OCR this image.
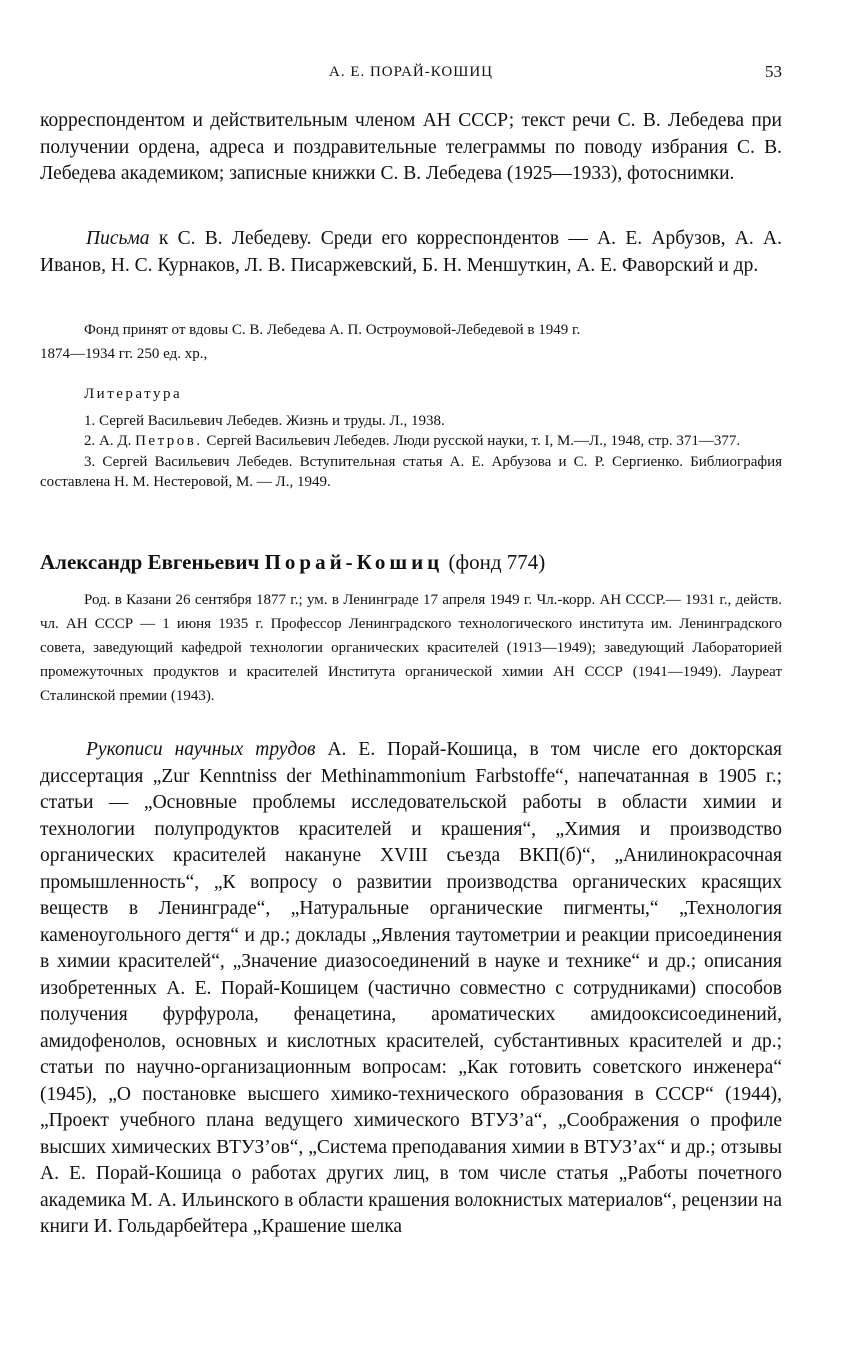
А. Е. ПОРАЙ-КОШИЦ	53

корреспондентом и действительным членом АН СССР; текст речи С. В. Лебедева при получении ордена, адреса и поздравительные телеграммы по поводу избрания С. В. Лебедева академиком; записные книжки С. В. Лебедева (1925—1933), фотоснимки.

Письма к С. В. Лебедеву. Среди его корреспондентов — А. Е. Арбузов, А. А. Иванов, Н. С. Курнаков, Л. В. Писаржевский, Б. Н. Меншуткин, А. Е. Фаворский и др.

Фонд принят от вдовы С. В. Лебедева А. П. Остроумовой-Лебедевой в 1949 г.

1874—1934 гг. 250 ед. хр.,

Литература

1. Сергей Васильевич Лебедев. Жизнь и труды. Л., 1938.

2. А. Д. Петров. Сергей Васильевич Лебедев. Люди русской науки, т. I, М.—Л., 1948, стр. 371—377.

3. Сергей Васильевич Лебедев. Вступительная статья А. Е. Арбузова и С. Р. Сергиенко. Библиография составлена Н. М. Нестеровой, М. — Л., 1949.

Александр Евгеньевич Порай-Кошиц (фонд 774)

Род. в Казани 26 сентября 1877 г.; ум. в Ленинграде 17 апреля 1949 г. Чл.-корр. АН СССР.— 1931 г., действ. чл. АН СССР — 1 июня 1935 г. Профессор Ленинградского технологического института им. Ленинградского совета, заведующий кафедрой технологии органических красителей (1913—1949); заведующий Лабораторией промежуточных продуктов и красителей Института органической химии АН СССР (1941—1949). Лауреат Сталинской премии (1943).

Рукописи научных трудов А. Е. Порай-Кошица, в том числе его докторская диссертация „Zur Kenntniss der Methinammonium Farbstoffe“, напечатанная в 1905 г.; статьи — „Основные проблемы исследовательской работы в области химии и технологии полупродуктов красителей и крашения“, „Химия и производство органических красителей накануне XVIII съезда ВКП(б)“, „Анилинокрасочная промышленность“, „К вопросу о развитии производства органических красящих веществ в Ленинграде“, „Натуральные органические пигменты,“ „Технология каменоугольного дегтя“ и др.; доклады „Явления таутометрии и реакции присоединения в химии красителей“, „Значение диазосоединений в науке и технике“ и др.; описания изобретенных А. Е. Порай-Кошицем (частично совместно с сотрудниками) способов получения фурфурола, фенацетина, ароматических амидооксисоединений, амидофенолов, основных и кислотных красителей, субстантивных красителей и др.; статьи по научно-организационным вопросам: „Как готовить советского инженера“ (1945), „О постановке высшего химико-технического образования в СССР“ (1944), „Проект учебного плана ведущего химического ВТУЗ’а“, „Соображения о профиле высших химических ВТУЗ’ов“, „Система преподавания химии в ВТУЗ’ах“ и др.; отзывы А. Е. Порай-Кошица о работах других лиц, в том числе статья „Работы почетного академика М. А. Ильинского в области крашения волокнистых материалов“, рецензии на книги И. Гольдарбейтера „Крашение шелка
